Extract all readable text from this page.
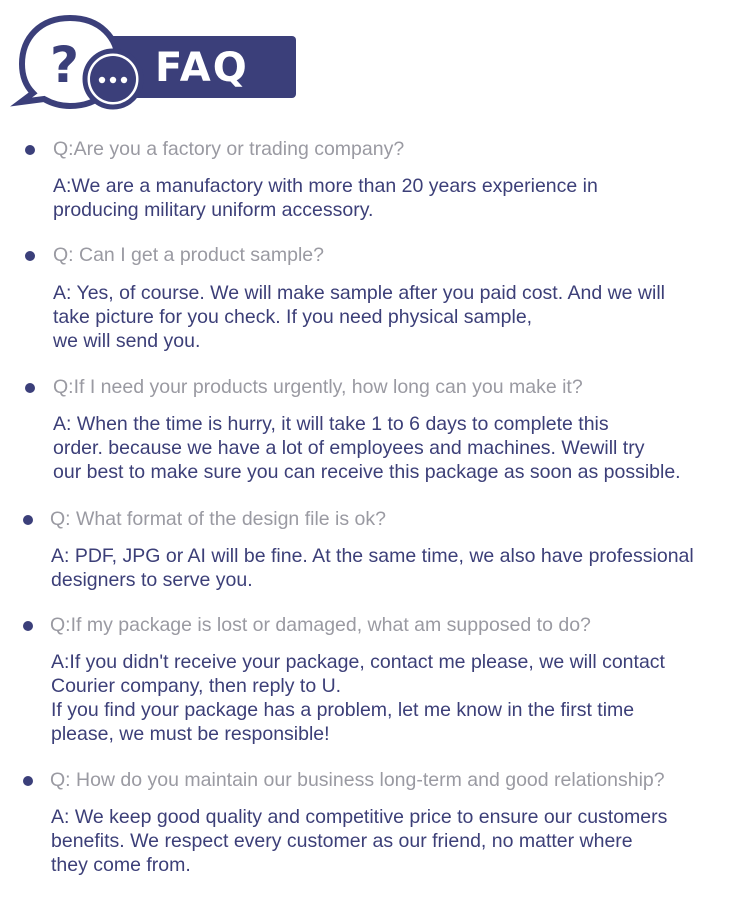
? FAQ
Q:Are you a factory or trading company?
A:We are a manufactory with more than 20 years experience in
producing military uniform accessory.
Q: Can I get a product sample?
A: Yes, of course. We will make sample after you paid cost. And we will
take picture for you check. If you need physical sample,
we will send you.
Q:If I need your products urgently, how long can you make it?
A: When the time is hurry, it will take 1 to 6 days to complete this
order. because we have a lot of employees and machines. Wewill try
our best to make sure you can receive this package as soon as possible.
Q: What format of the design file is ok?
A: PDF, JPG or AI will be fine. At the same time, we also have professional
designers to serve you.
Q:If my package is lost or damaged, what am supposed to do?
A:If you didn't receive your package, contact me please, we will contact
Courier company, then reply to U.
If you find your package has a problem, let me know in the first time
please, we must be responsible!
Q: How do you maintain our business long-term and good relationship?
A: We keep good quality and competitive price to ensure our customers
benefits. We respect every customer as our friend, no matter where
they come from.
